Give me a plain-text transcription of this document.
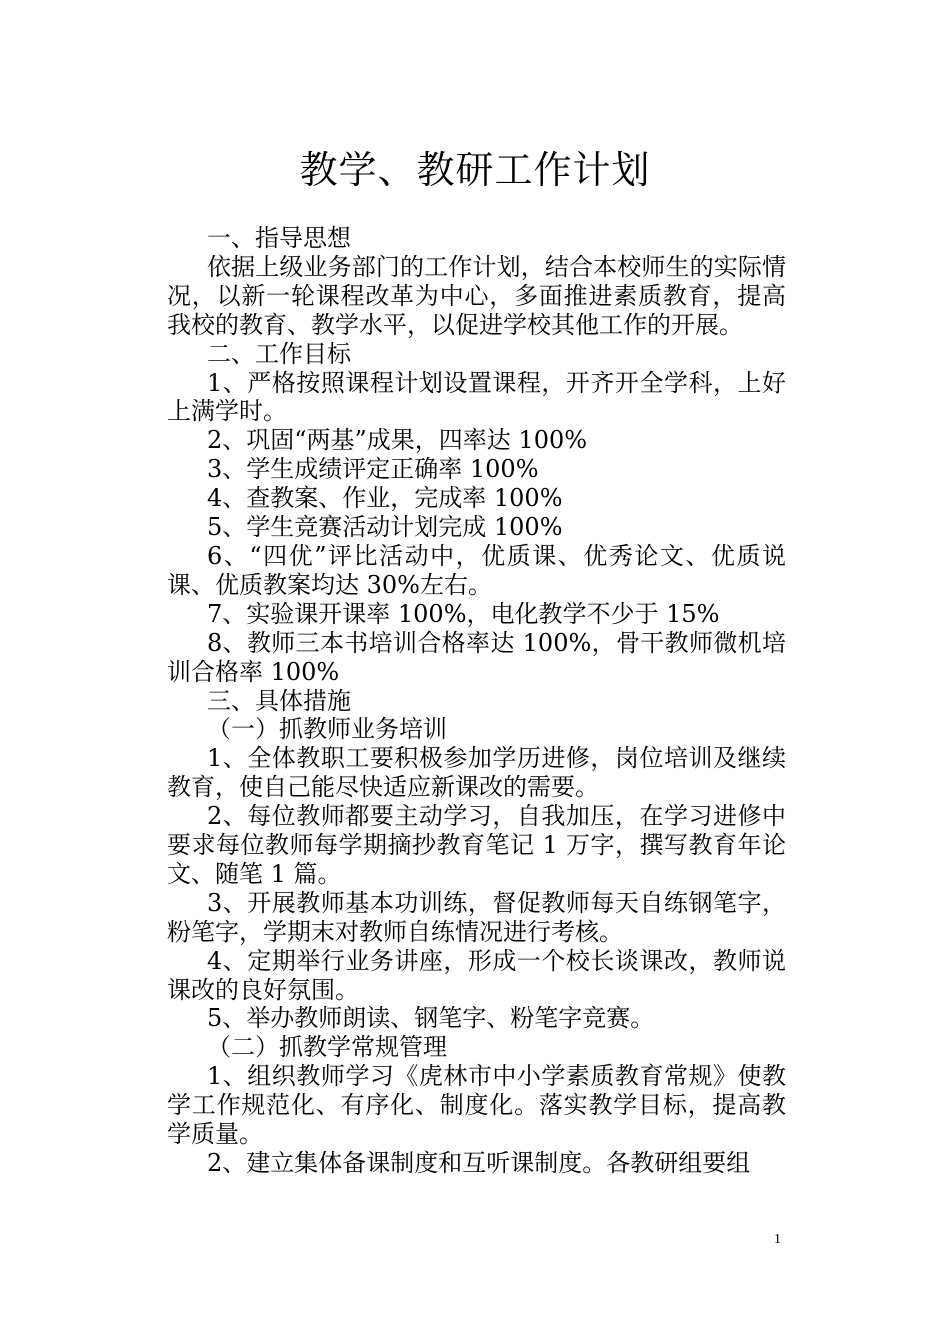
教学、教研工作计划

一、指导思想

依据上级业务部门的工作计划，结合本校师生的实际情况，以新一轮课程改革为中心，多面推进素质教育，提高我校的教育、教学水平，以促进学校其他工作的开展。

二、工作目标

1、严格按照课程计划设置课程，开齐开全学科，上好上满学时。

2、巩固“两基”成果，四率达 100%

3、学生成绩评定正确率 100%

4、查教案、作业，完成率 100%

5、学生竞赛活动计划完成 100%

6、“四优”评比活动中，优质课、优秀论文、优质说课、优质教案均达 30%左右。

7、实验课开课率 100%，电化教学不少于 15%

8、教师三本书培训合格率达 100%，骨干教师微机培训合格率 100%

三、具体措施

（一）抓教师业务培训

1、全体教职工要积极参加学历进修，岗位培训及继续教育，使自己能尽快适应新课改的需要。

2、每位教师都要主动学习，自我加压，在学习进修中要求每位教师每学期摘抄教育笔记 1 万字，撰写教育年论文、随笔 1 篇。

3、开展教师基本功训练，督促教师每天自练钢笔字，粉笔字，学期末对教师自练情况进行考核。

4、定期举行业务讲座，形成一个校长谈课改，教师说课改的良好氛围。

5、举办教师朗读、钢笔字、粉笔字竞赛。

（二）抓教学常规管理

1、组织教师学习《虎林市中小学素质教育常规》使教学工作规范化、有序化、制度化。落实教学目标，提高教学质量。

2、建立集体备课制度和互听课制度。各教研组要组

1
